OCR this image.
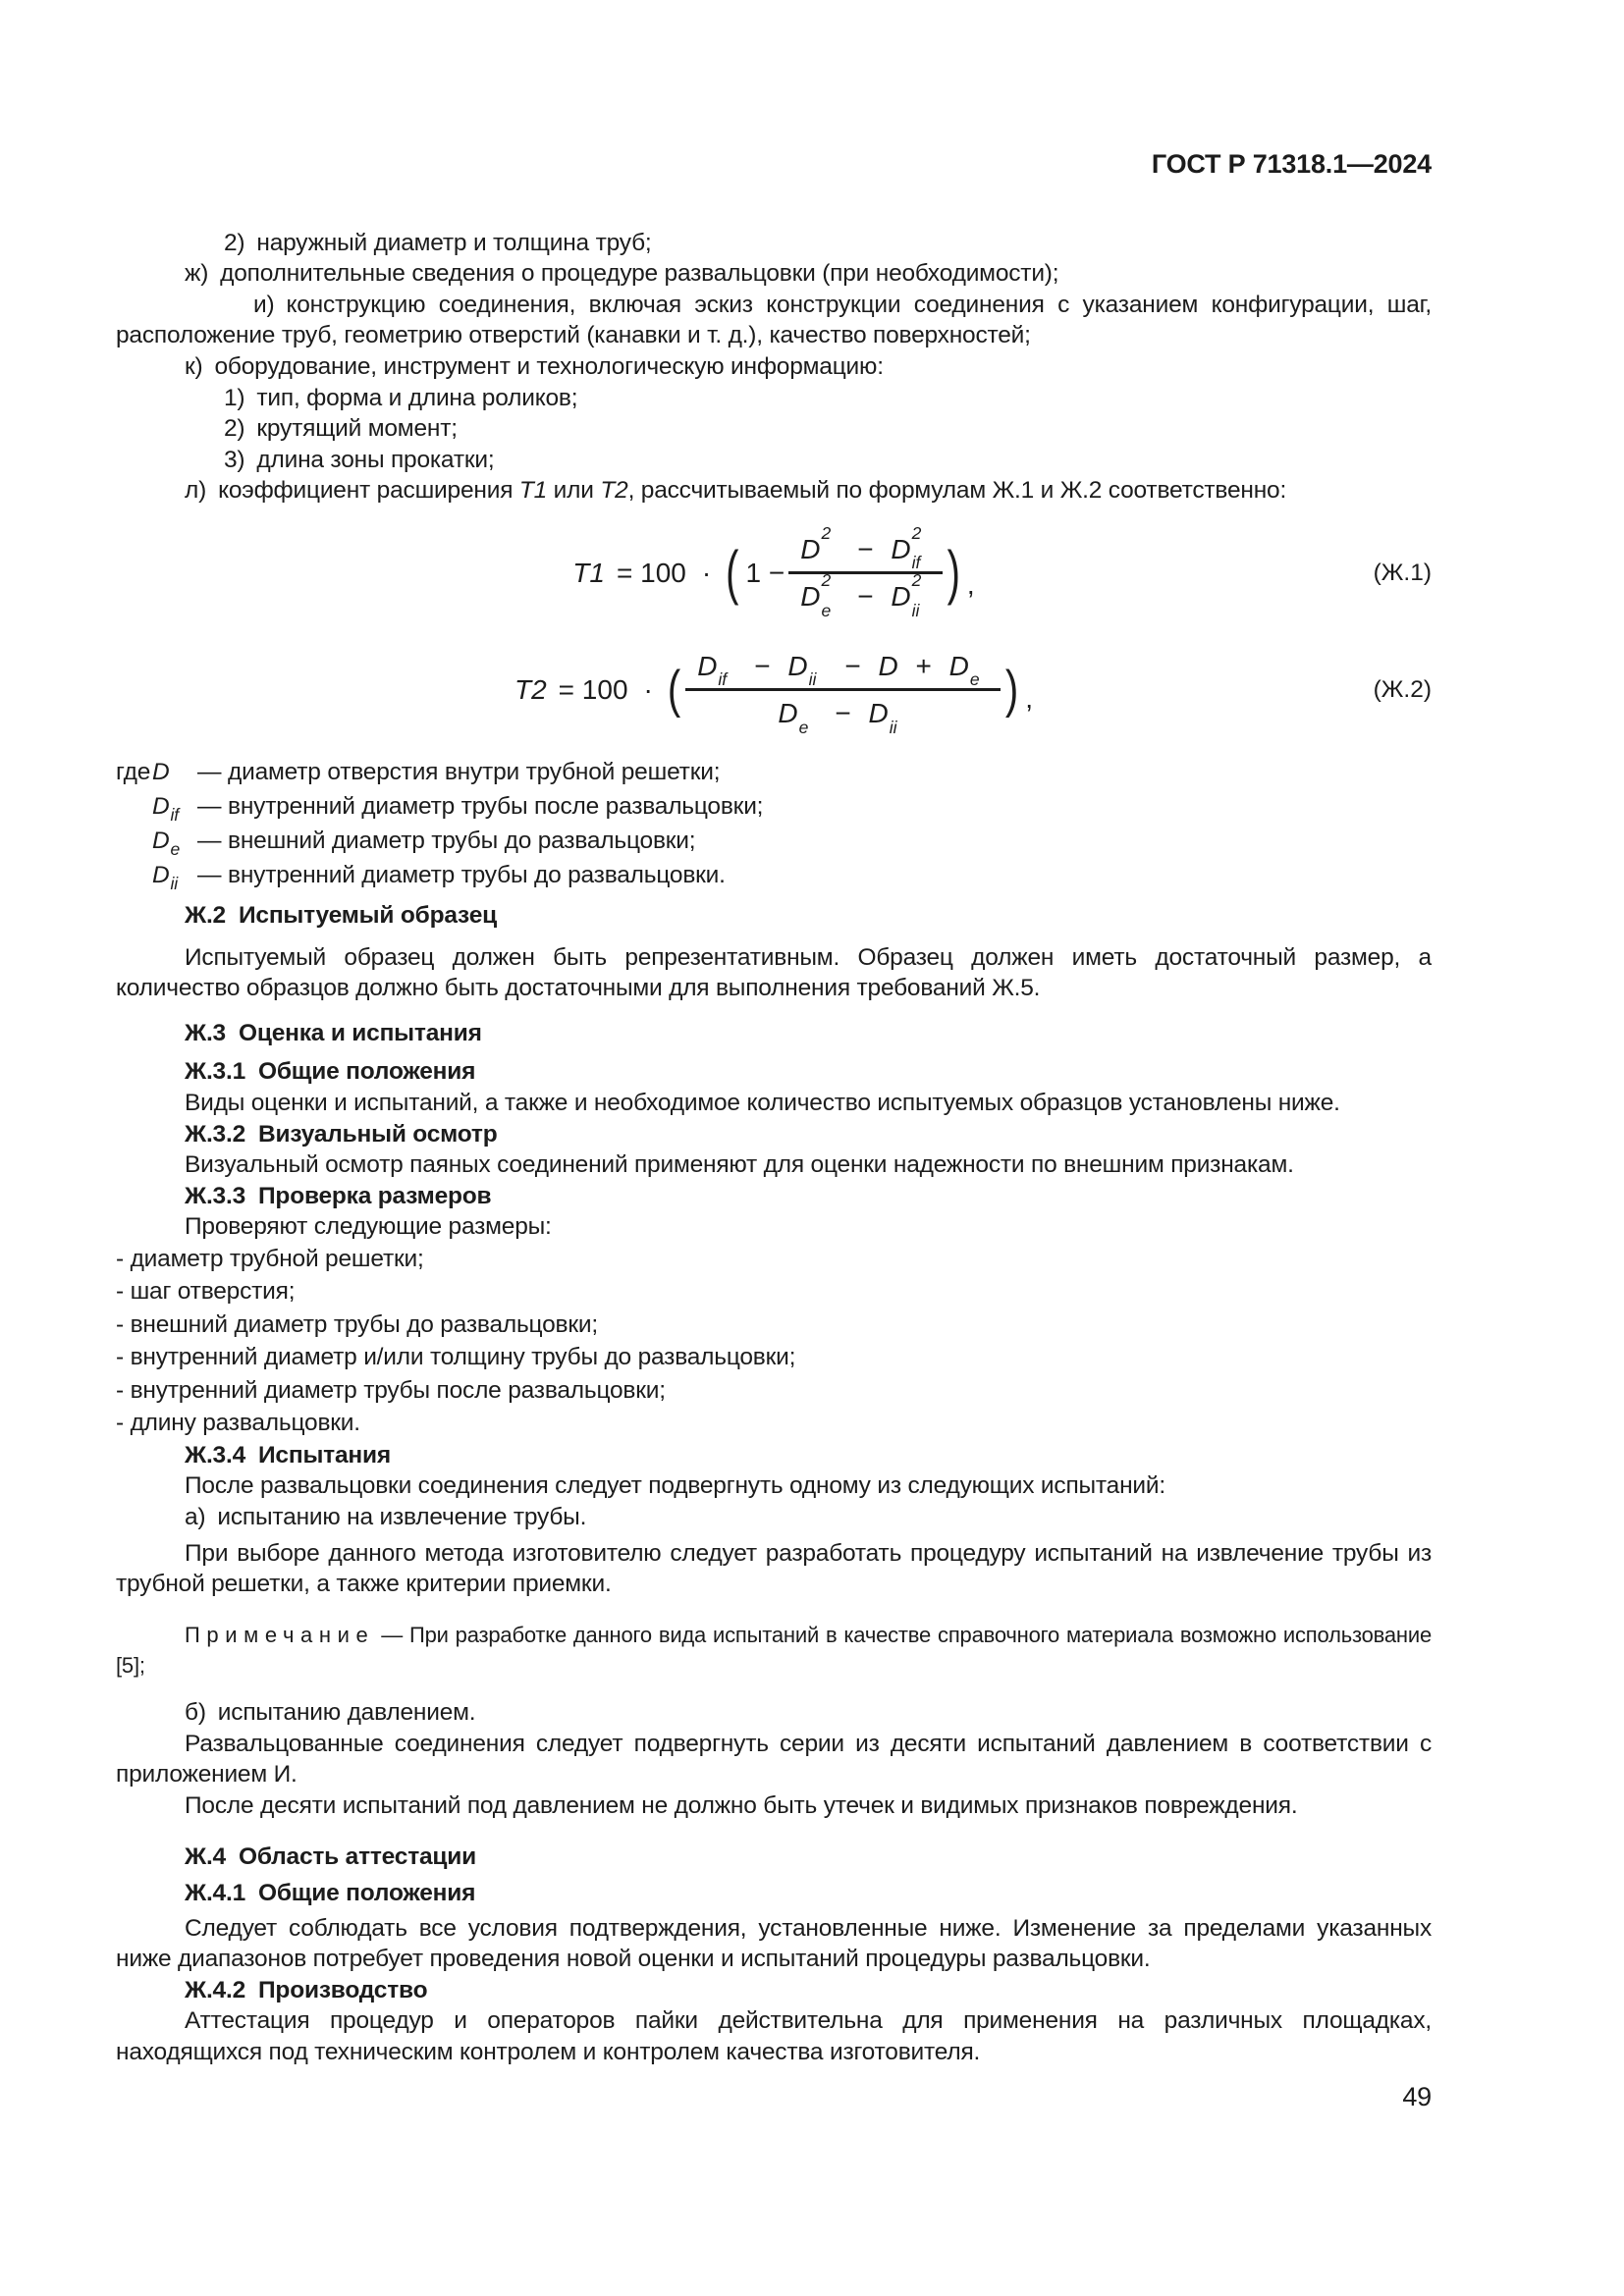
ГОСТ Р 71318.1—2024
2) наружный диаметр и толщина труб;
ж) дополнительные сведения о процедуре развальцовки (при необходимости);

и) конструкцию соединения, включая эскиз конструкции соединения с указанием конфигурации, шаг, расположение труб, геометрию отверстий (канавки и т. д.), качество поверхностей;

к) оборудование, инструмент и технологическую информацию:
1) тип, форма и длина роликов;
2) крутящий момент;
3) длина зоны прокатки;
л) коэффициент расширения T1 или T2, рассчитываемый по формулам Ж.1 и Ж.2 соответственно:
T1 = 100 · ( 1 − D
2
− D
2
if
D
2
e − D
2
ii ) ,	(Ж.1)
T2 = 100 · ( D if − D ii − D + D e
D e − D ii
) ,	(Ж.2)
где D	— диаметр отверстия внутри трубной решетки;
$D_{if}$ — внутренний диаметр трубы после развальцовки;
$D_e$ — внешний диаметр трубы до развальцовки;
$D_{ii}$ — внутренний диаметр трубы до развальцовки.
Ж.2 Испытуемый образец

Испытуемый образец должен быть репрезентативным. Образец должен иметь достаточный размер, а количество образцов должно быть достаточными для выполнения требований Ж.5.

Ж.3 Оценка и испытания
Ж.3.1 Общие положения

Виды оценки и испытаний, а также и необходимое количество испытуемых образцов установлены ниже.

Ж.3.2 Визуальный осмотр

Визуальный осмотр паяных соединений применяют для оценки надежности по внешним признакам.

Ж.3.3 Проверка размеров

Проверяют следующие размеры:

- диаметр трубной решетки;
- шаг отверстия;
- внешний диаметр трубы до развальцовки;
- внутренний диаметр и/или толщину трубы до развальцовки;
- внутренний диаметр трубы после развальцовки;
- длину развальцовки.
Ж.3.4 Испытания

После развальцовки соединения следует подвергнуть одному из следующих испытаний:

а) испытанию на извлечение трубы.

При выборе данного метода изготовителю следует разработать процедуру испытаний на извлечение трубы из трубной решетки, а также критерии приемки.

Примечание — При разработке данного вида испытаний в качестве справочного материала возможно использование [5];

б) испытанию давлением.

Развальцованные соединения следует подвергнуть серии из десяти испытаний давлением в соответствии с приложением И.

После десяти испытаний под давлением не должно быть утечек и видимых признаков повреждения.

Ж.4 Область аттестации
Ж.4.1 Общие положения

Следует соблюдать все условия подтверждения, установленные ниже. Изменение за пределами указанных ниже диапазонов потребует проведения новой оценки и испытаний процедуры развальцовки.

Ж.4.2 Производство

Аттестация процедур и операторов пайки действительна для применения на различных площадках, находящихся под техническим контролем и контролем качества изготовителя.

49
